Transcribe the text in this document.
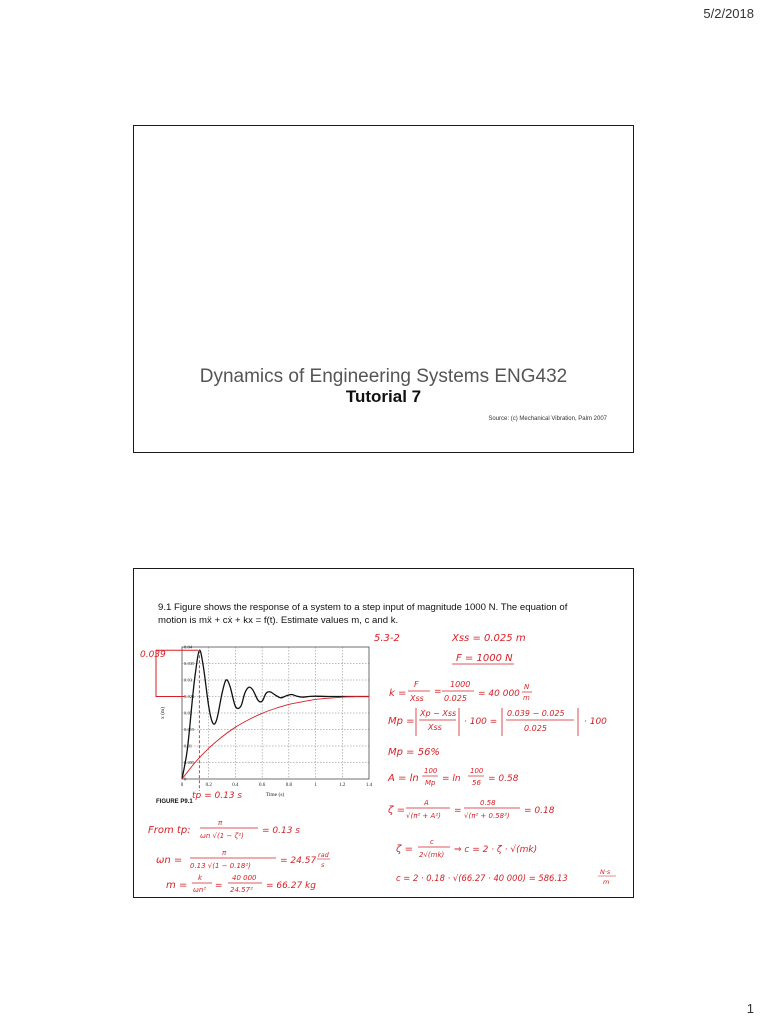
5/2/2018
Dynamics of Engineering Systems ENG432
Tutorial 7
Source: (c) Mechanical Vibration, Palm 2007

9.1 Figure shows the response of a system to a step input of magnitude 1000 N. The equation of
motion is mẍ + cẋ + kx = f(t). Estimate values m, c and k.

0	0.2	0.4	0.6	0.8	1	1.2	1.4
0
0.005
0.01
0.015
0.02
0.025
0.03
0.035
0.04
Time (s)
x (m)
FIGURE P9.1
0.039
tp = 0.13 s
5.3-2	Xss = 0.025 m
F = 1000 N
k =
F
Xss
=
1000
0.025 = 40 000
N
m
Mp =
Xp − Xss
Xss
· 100 =
0.039 − 0.025
0.025
· 100
Mp = 56%
A = ln
100
Mp = ln
100
56 = 0.58
ζ =
A
√(π² + A²) =
0.58
√(π² + 0.58²) = 0.18
ζ =
c
2√(mk) ⇒ c = 2 · ζ · √(mk)
From tp:
π
ωn √(1 − ζ²) = 0.13 s
ωn =
π
0.13 √(1 − 0.18²)	= 24.57
rad
s
m =
k
ωn² =
40 000
24.57² = 66.27 kg
c = 2 · 0.18 · √(66.27 · 40 000) = 586.13
N·s
m
1
